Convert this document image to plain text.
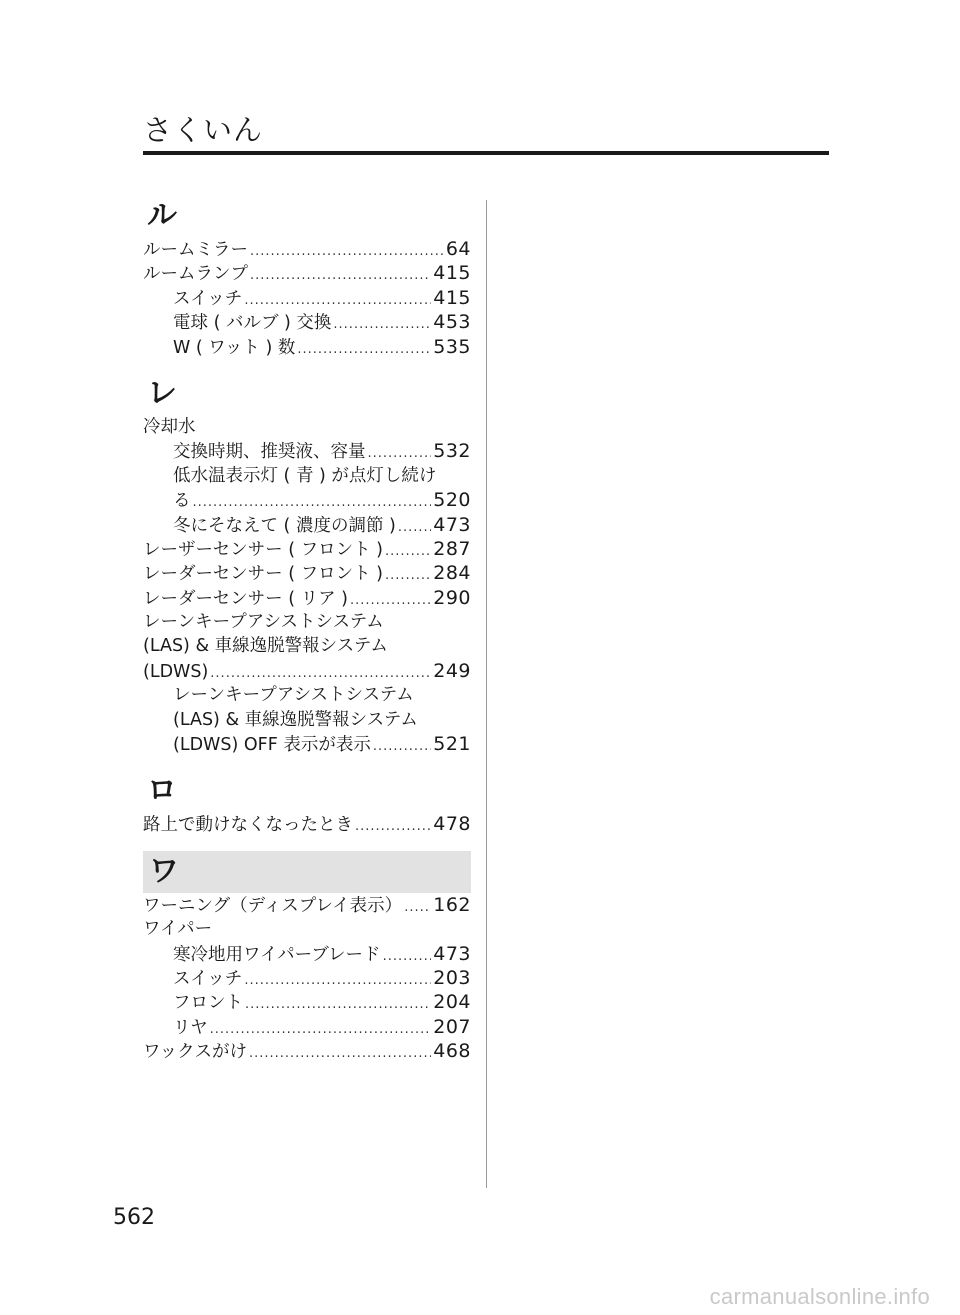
さくいん
ル
ルームミラー .....	64
ルームランプ .....	415
スイッチ .....	415
電球 ( バルブ ) 交換 .....	453
W ( ワット ) 数 .....	535
レ
冷却水
交換時期、推奨液、容量 .....	532
低水温表示灯 ( 青 ) が点灯し続け
る .....	520
冬にそなえて ( 濃度の調節 ) ..... 473
レーザーセンサー ( フロント ) .....	287
レーダーセンサー ( フロント ) .....	284
レーダーセンサー ( リア ) .....	290
レーンキープアシストシステム
(LAS) & 車線逸脱警報システム
(LDWS) .....	249
レーンキープアシストシステム
(LAS) & 車線逸脱警報システム
(LDWS) OFF 表示が表示 .....	521
ロ
路上で動けなくなったとき .....	478
ワ
ワーニング（ディスプレイ表示） ..... 162
ワイパー
寒冷地用ワイパーブレード .....	473
スイッチ .....	203
フロント .....	204
リヤ .....	207
ワックスがけ .....	468
562
carmanualsonline.info
